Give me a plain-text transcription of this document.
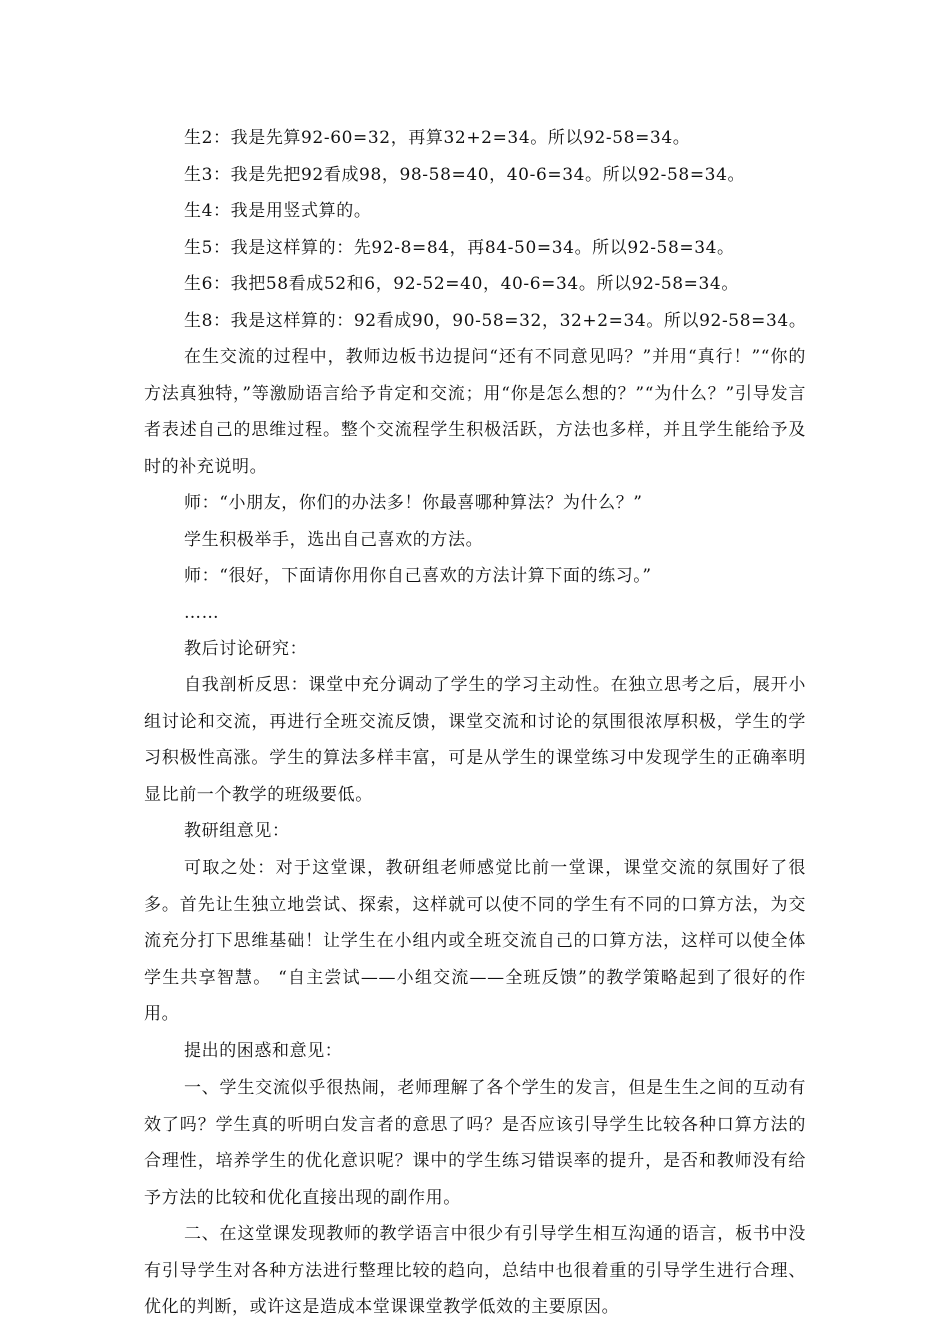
生2：我是先算92-60=32，再算32+2=34。所以92-58=34。
生3：我是先把92看成98，98-58=40，40-6=34。所以92-58=34。
生4：我是用竖式算的。
生5：我是这样算的：先92-8=84，再84-50=34。所以92-58=34。
生6：我把58看成52和6，92-52=40，40-6=34。所以92-58=34。
生8：我是这样算的：92看成90，90-58=32，32+2=34。所以92-58=34。
在生交流的过程中，教师边板书边提问“还有不同意见吗？”并用“真行！”“你的方法真独特，”等激励语言给予肯定和交流；用“你是怎么想的？”“为什么？”引导发言者表述自己的思维过程。整个交流程学生积极活跃，方法也多样，并且学生能给予及时的补充说明。
师：“小朋友，你们的办法多！你最喜哪种算法？为什么？”
学生积极举手，选出自己喜欢的方法。
师：“很好，下面请你用你自己喜欢的方法计算下面的练习。”
……
教后讨论研究：
自我剖析反思：课堂中充分调动了学生的学习主动性。在独立思考之后，展开小组讨论和交流，再进行全班交流反馈，课堂交流和讨论的氛围很浓厚积极，学生的学习积极性高涨。学生的算法多样丰富，可是从学生的课堂练习中发现学生的正确率明显比前一个教学的班级要低。
教研组意见：
可取之处：对于这堂课，教研组老师感觉比前一堂课，课堂交流的氛围好了很多。首先让生独立地尝试、探索，这样就可以使不同的学生有不同的口算方法，为交流充分打下思维基础！让学生在小组内或全班交流自己的口算方法，这样可以使全体学生共享智慧。 “自主尝试——小组交流——全班反馈”的教学策略起到了很好的作用。
提出的困惑和意见：
一、学生交流似乎很热闹，老师理解了各个学生的发言，但是生生之间的互动有效了吗？学生真的听明白发言者的意思了吗？是否应该引导学生比较各种口算方法的合理性，培养学生的优化意识呢？课中的学生练习错误率的提升，是否和教师没有给予方法的比较和优化直接出现的副作用。
二、在这堂课发现教师的教学语言中很少有引导学生相互沟通的语言，板书中没有引导学生对各种方法进行整理比较的趋向，总结中也很着重的引导学生进行合理、优化的判断，或许这是造成本堂课课堂教学低效的主要原因。
